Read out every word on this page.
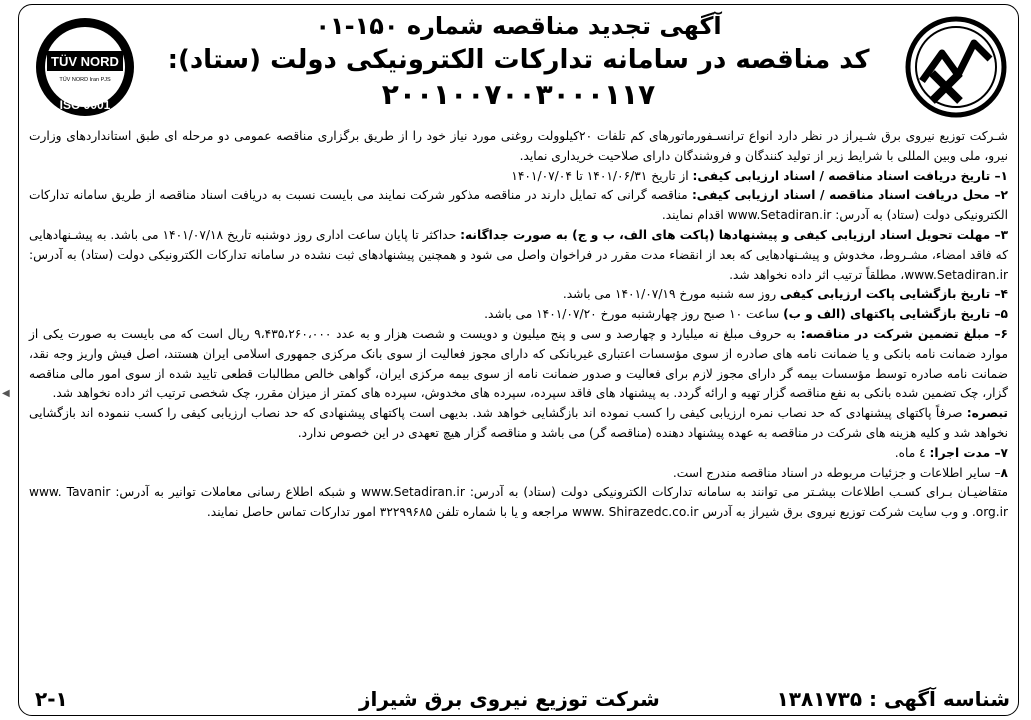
◀
آگهی تجدید مناقصه شماره ۱۵۰-۰۱
کد مناقصه در سامانه تدارکات الکترونیکی دولت (ستاد):
۲۰۰۱۰۰۷۰۰۳۰۰۰۱۱۷
TÜV NORD
TÜV NORD Iran PJS
ISO 9001

شـرکت توزیع نیروی برق شـیراز در نظر دارد انواع ترانسـفورماتورهای کم تلفات ۲۰کیلوولت روغنی مورد نیاز خود را از طریق برگزاری مناقصه عمومی دو مرحله ای طبق استانداردهای وزارت نیرو، ملی وبین المللی با شرایط زیر از تولید کنندگان و فروشندگان دارای صلاحیت خریداری نماید.

۱– تاریخ دریافت اسناد مناقصه / اسناد ارزیابی کیفی: از تاریخ ۱۴۰۱/۰۶/۳۱ تا ۱۴۰۱/۰۷/۰۴

۲– محل دریافت اسناد مناقصه / اسناد ارزیابی کیفی: مناقصه گرانی که تمایل دارند در مناقصه مذکور شرکت نمایند می بایست نسبت به دریافت اسناد مناقصه از طریق سامانه تدارکات الکترونیکی دولت (ستاد) به آدرس: www.Setadiran.ir اقدام نمایند.

۳– مهلت تحویل اسناد ارزیابی کیفی و پیشنهادها (پاکت های الف، ب و ج) به صورت جداگانه: حداکثر تا پایان ساعت اداری روز دوشنبه تاریخ ۱۴۰۱/۰۷/۱۸ می باشد. به پیشـنهادهایی که فاقد امضاء، مشـروط، مخدوش و پیشـنهادهایی که بعد از انقضاء مدت مقرر در فراخوان واصل می شود و همچنین پیشنهادهای ثبت نشده در سامانه تدارکات الکترونیکی دولت (ستاد) به آدرس: www.Setadiran.ir، مطلقاً ترتیب اثر داده نخواهد شد.

۴– تاریخ بازگشایی پاکت ارزیابی کیفی روز سه شنبه مورخ ۱۴۰۱/۰۷/۱۹ می باشد.

۵– تاریخ بازگشایی پاکتهای (الف و ب) ساعت ۱۰ صبح روز چهارشنبه مورخ ۱۴۰۱/۰۷/۲۰ می باشد.

۶– مبلغ تضمین شرکت در مناقصه: به حروف مبلغ نه میلیارد و چهارصد و سی و پنج میلیون و دویست و شصت هزار و به عدد ۹،۴۳۵،۲۶۰،۰۰۰ ریال است که می بایست به صورت یکی از موارد ضمانت نامه بانکی و یا ضمانت نامه های صادره از سوی مؤسسات اعتباری غیربانکی که دارای مجوز فعالیت از سوی بانک مرکزی جمهوری اسلامی ایران هستند، اصل فیش واریز وجه نقد، ضمانت نامه صادره توسط مؤسسات بیمه گر دارای مجوز لازم برای فعالیت و صدور ضمانت نامه از سوی بیمه مرکزی ایران، گواهی خالص مطالبات قطعی تایید شده از سوی امور مالی مناقصه گزار، چک تضمین شده بانکی به نفع مناقصه گزار تهیه و ارائه گردد. به پیشنهاد های فاقد سپرده، سپرده های مخدوش، سپرده های کمتر از میزان مقرر، چک شخصی ترتیب اثر داده نخواهد شد.

تبصره: صرفاً پاکتهای پیشنهادی که حد نصاب نمره ارزیابی کیفی را کسب نموده اند بازگشایی خواهد شد. بدیهی است پاکتهای پیشنهادی که حد نصاب ارزیابی کیفی را کسب ننموده اند بازگشایی نخواهد شد و کلیه هزینه های شرکت در مناقصه به عهده پیشنهاد دهنده (مناقصه گر) می باشد و مناقصه گزار هیچ تعهدی در این خصوص ندارد.

۷– مدت اجرا: ٤ ماه.

۸– سایر اطلاعات و جزئیات مربوطه در اسناد مناقصه مندرج است.

متقاضیـان بـرای کسـب اطلاعات بیشـتر می توانند به سامانه تدارکات الکترونیکی دولت (ستاد) به آدرس: www.Setadiran.ir و شبکه اطلاع رسانی معاملات توانیر به آدرس: www. Tavanir .org.ir و وب سایت شرکت توزیع نیروی برق شیراز به آدرس www. Shirazedc.co.ir مراجعه و یا با شماره تلفن ۳۲۲۹۹۶۸۵ امور تدارکات تماس حاصل نمایند.

شناسه آگهی : ۱۳۸۱۷۳۵
شرکت توزیع نیروی برق شیراز
۲-۱
